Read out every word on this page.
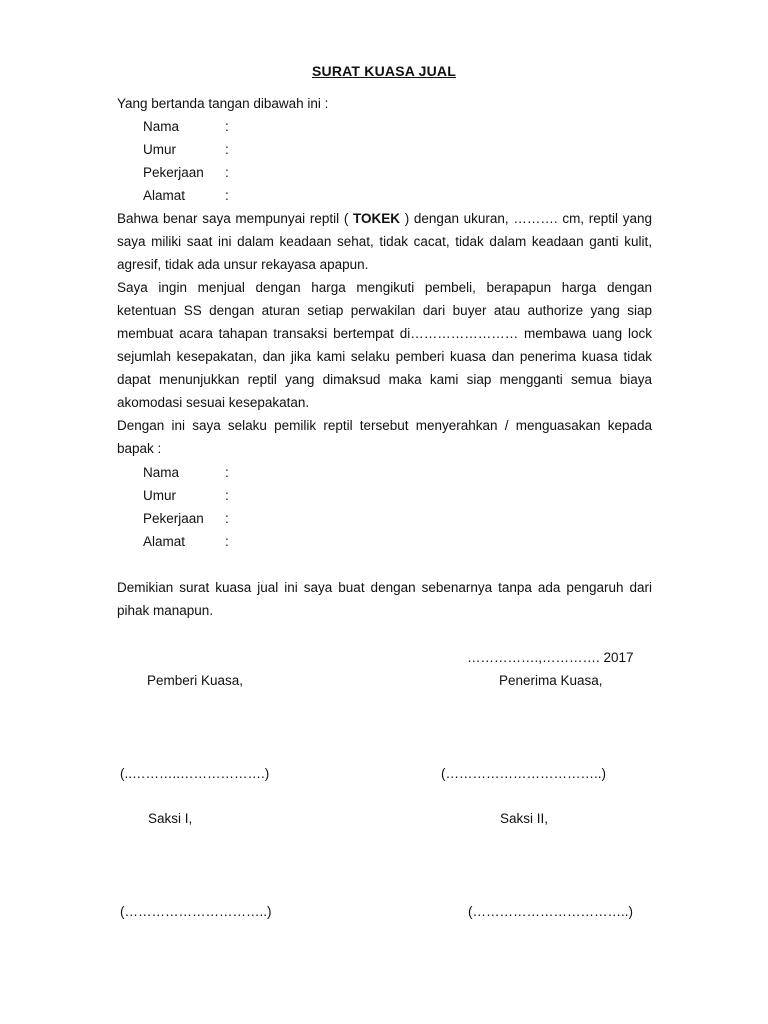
SURAT KUASA JUAL
Yang bertanda tangan dibawah ini :
Nama	:
Umur	:
Pekerjaan :
Alamat	:
Bahwa benar saya mempunyai reptil ( TOKEK ) dengan ukuran, ………. cm, reptil yang saya miliki saat ini dalam keadaan sehat, tidak cacat, tidak dalam keadaan ganti kulit, agresif, tidak ada unsur rekayasa apapun.
Saya ingin menjual dengan harga mengikuti pembeli, berapapun harga dengan ketentuan SS dengan aturan setiap perwakilan dari buyer atau authorize yang siap membuat acara tahapan transaksi bertempat di…………………… membawa uang lock sejumlah kesepakatan, dan jika kami selaku pemberi kuasa dan penerima kuasa tidak dapat menunjukkan reptil yang dimaksud maka kami siap mengganti semua biaya akomodasi sesuai kesepakatan.
Dengan ini saya selaku pemilik reptil tersebut menyerahkan / menguasakan kepada bapak :
Nama	:
Umur	:
Pekerjaan :
Alamat	:
Demikian surat kuasa jual ini saya buat dengan sebenarnya tanpa ada pengaruh dari pihak manapun.
…………….,…………. 2017
Pemberi Kuasa,	Penerima Kuasa,
(..………..……………….)	(……………………………..)
Saksi I,	Saksi II,
(…………………………..)	(……………………………..)
